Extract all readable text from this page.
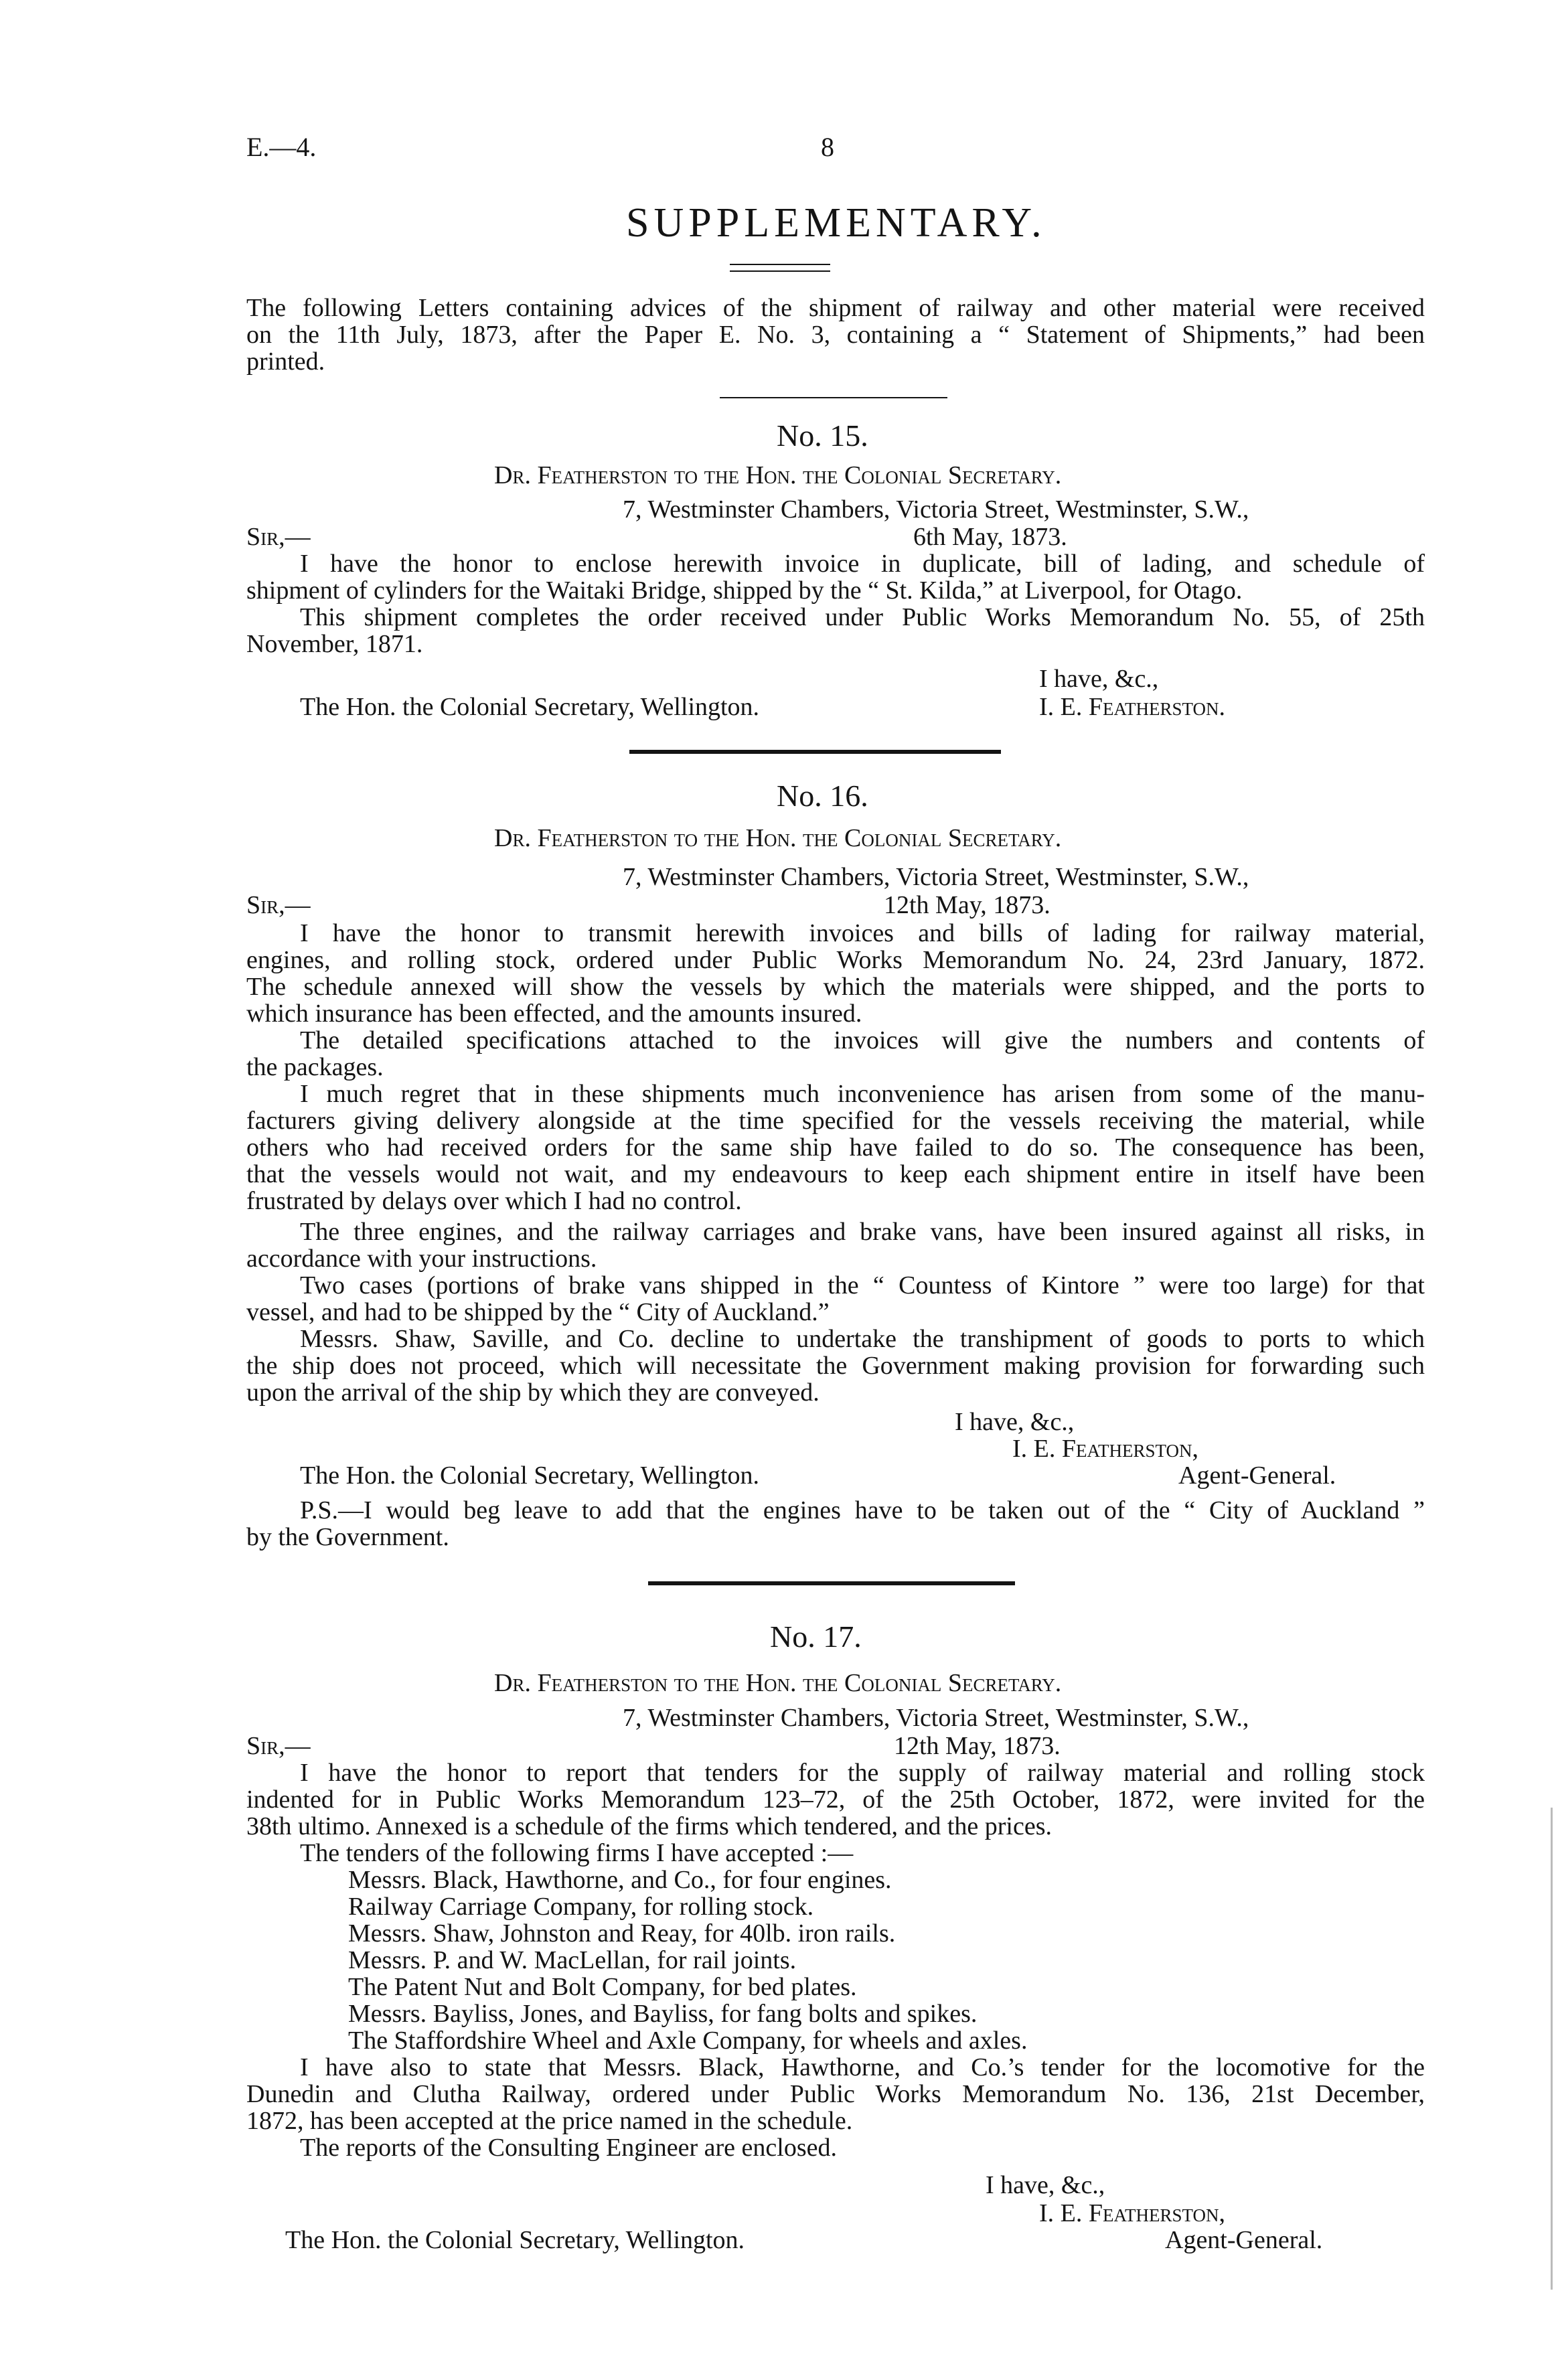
E.—4.	8
SUPPLEMENTARY.
The following Letters containing advices of the shipment of railway and other material were received
on the 11th July, 1873, after the Paper E. No. 3, containing a “ Statement of Shipments,” had been
printed.
No. 15.
Dr. Featherston to the Hon. the Colonial Secretary.
7, Westminster Chambers, Victoria Street, Westminster, S.W.,
Sir,—	6th May, 1873.
I have the honor to enclose herewith invoice in duplicate, bill of lading, and schedule of
shipment of cylinders for the Waitaki Bridge, shipped by the “ St. Kilda,” at Liverpool, for Otago.
This shipment completes the order received under Public Works Memorandum No. 55, of 25th
November, 1871.
I have, &c.,
The Hon. the Colonial Secretary, Wellington.	I. E. Featherston.
No. 16.
Dr. Featherston to the Hon. the Colonial Secretary.
7, Westminster Chambers, Victoria Street, Westminster, S.W.,
Sir,—	12th May, 1873.
I have the honor to transmit herewith invoices and bills of lading for railway material,
engines, and rolling stock, ordered under Public Works Memorandum No. 24, 23rd January, 1872.
The schedule annexed will show the vessels by which the materials were shipped, and the ports to
which insurance has been effected, and the amounts insured.
The detailed specifications attached to the invoices will give the numbers and contents of
the packages.
I much regret that in these shipments much inconvenience has arisen from some of the manu-
facturers giving delivery alongside at the time specified for the vessels receiving the material, while
others who had received orders for the same ship have failed to do so. The consequence has been,
that the vessels would not wait, and my endeavours to keep each shipment entire in itself have been
frustrated by delays over which I had no control.
The three engines, and the railway carriages and brake vans, have been insured against all risks, in
accordance with your instructions.
Two cases (portions of brake vans shipped in the “ Countess of Kintore ” were too large) for that
vessel, and had to be shipped by the “ City of Auckland.”
Messrs. Shaw, Saville, and Co. decline to undertake the transhipment of goods to ports to which
the ship does not proceed, which will necessitate the Government making provision for forwarding such
upon the arrival of the ship by which they are conveyed.
I have, &c.,
I. E. Featherston,
The Hon. the Colonial Secretary, Wellington.	Agent-General.
P.S.—I would beg leave to add that the engines have to be taken out of the “ City of Auckland ”
by the Government.
No. 17.
Dr. Featherston to the Hon. the Colonial Secretary.
7, Westminster Chambers, Victoria Street, Westminster, S.W.,
Sir,—	12th May, 1873.
I have the honor to report that tenders for the supply of railway material and rolling stock
indented for in Public Works Memorandum 123–72, of the 25th October, 1872, were invited for the
38th ultimo. Annexed is a schedule of the firms which tendered, and the prices.
The tenders of the following firms I have accepted :—
Messrs. Black, Hawthorne, and Co., for four engines.
Railway Carriage Company, for rolling stock.
Messrs. Shaw, Johnston and Reay, for 40lb. iron rails.
Messrs. P. and W. MacLellan, for rail joints.
The Patent Nut and Bolt Company, for bed plates.
Messrs. Bayliss, Jones, and Bayliss, for fang bolts and spikes.
The Staffordshire Wheel and Axle Company, for wheels and axles.
I have also to state that Messrs. Black, Hawthorne, and Co.’s tender for the locomotive for the
Dunedin and Clutha Railway, ordered under Public Works Memorandum No. 136, 21st December,
1872, has been accepted at the price named in the schedule.
The reports of the Consulting Engineer are enclosed.
I have, &c.,
I. E. Featherston,
The Hon. the Colonial Secretary, Wellington.	Agent-General.
